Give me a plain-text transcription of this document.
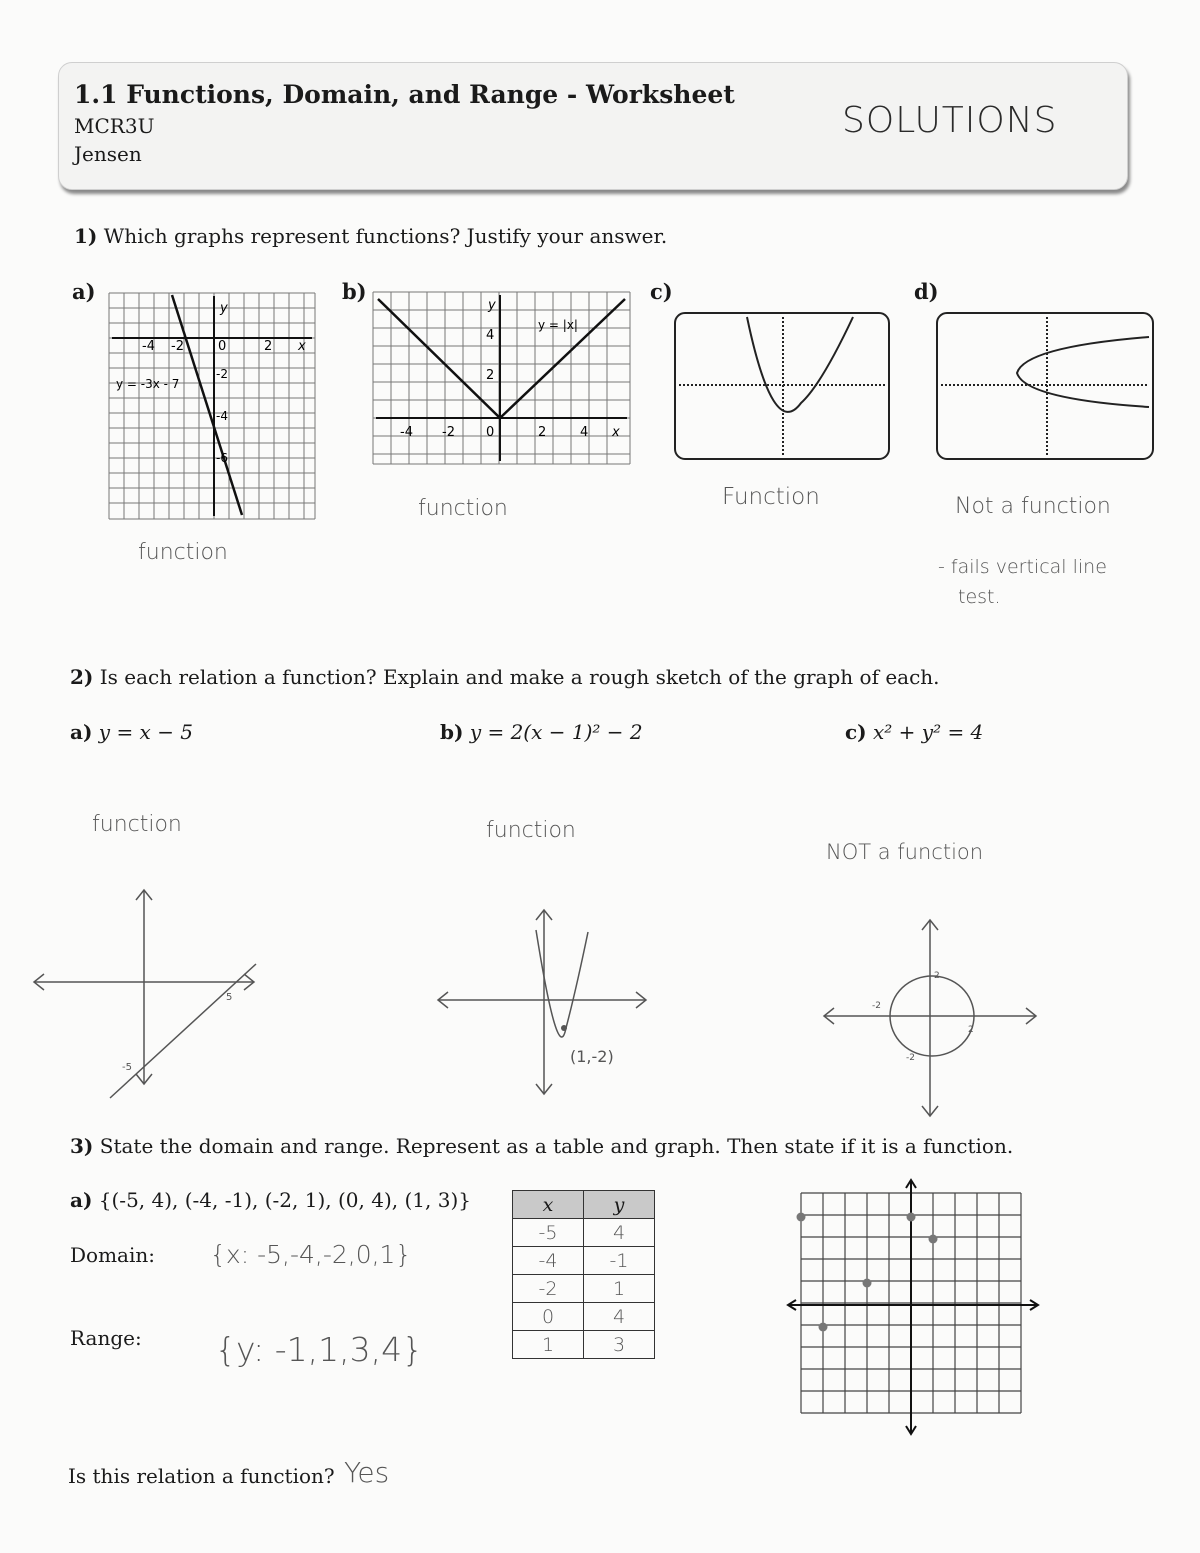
1.1 Functions, Domain, and Range - Worksheet
MCR3U
Jensen
SOLUTIONS
1) Which graphs represent functions? Justify your answer.
a)	b)	c)	d)
-4 -2	0	2 x
y
-2
-4
-6
y = -3x - 7
-4 -2 0	2	4 x
y
4
2
y = |x|
function	Function	Not a function
function
- fails vertical line
test.
2) Is each relation a function? Explain and make a rough sketch of the graph of each.
a) y = x − 5	b) y = 2(x − 1)² − 2	c) x² + y² = 4
function	function
NOT a function
5
-5
(1,-2)
2
-2
2
-2
3) State the domain and range. Represent as a table and graph. Then state if it is a function.
a) {(-5, 4), (-4, -1), (-2, 1), (0, 4), (1, 3)}
Domain: {x: -5,-4,-2,0,1}
Range: {y: -1,1,3,4}
x	y
-5	4
-4	-1
-2	1
0	4
1	3
Is this relation a function? Yes
